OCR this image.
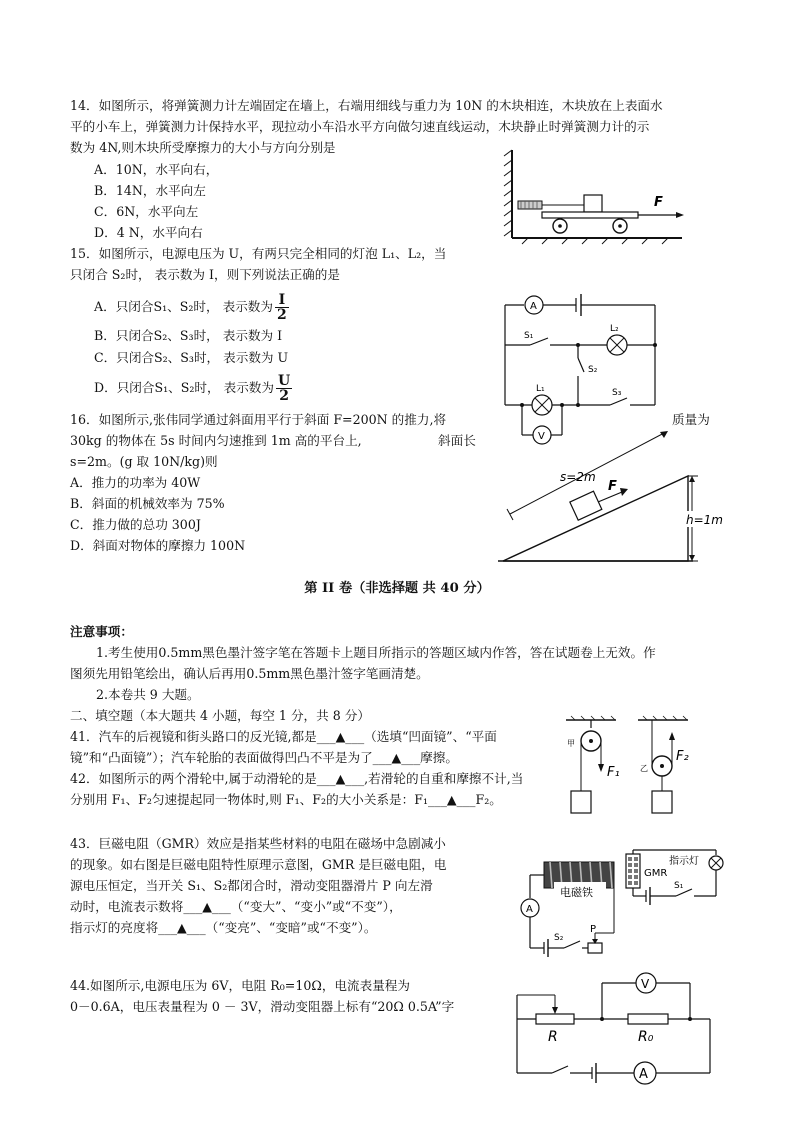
14．如图所示，将弹簧测力计左端固定在墙上，右端用细线与重力为 10N 的木块相连，木块放在上表面水
平的小车上，弹簧测力计保持水平，现拉动小车沿水平方向做匀速直线运动，木块静止时弹簧测力计的示
数为 4N,则木块所受摩擦力的大小与方向分别是
A．10N，水平向右，
B．14N，水平向左
C．6N，水平向左
D．4 N，水平向右
F
15．如图所示，电源电压为 U，有两只完全相同的灯泡 L₁、L₂，当
只闭合 S₂时， 表示数为 I，则下列说法正确的是
A．只闭合S₁、S₂时， 表示数为 $\frac{I}{2}$
B．只闭合S₂、S₃时， 表示数为 I
C．只闭合S₂、S₃时， 表示数为 U
D．只闭合S₁、S₂时， 表示数为 $\frac{U}{2}$
A
S₁
L₂
S₂
L₁	S₃
V
16．如图所示,张伟同学通过斜面用平行于斜面 F=200N 的推力,将	质量为
30kg 的物体在 5s 时间内匀速推到 1m 高的平台上,	斜面长
s=2m。(g 取 10N/kg)则
A．推力的功率为 40W
B．斜面的机械效率为 75%
C．推力做的总功 300J
D．斜面对物体的摩擦力 100N
s=2m
F
h=1m
第 II 卷（非选择题 共 40 分）
注意事项：
1.考生使用0.5mm黑色墨汁签字笔在答题卡上题目所指示的答题区域内作答，答在试题卷上无效。作
图须先用铅笔绘出，确认后再用0.5mm黑色墨汁签字笔画清楚。
2.本卷共 9 大题。
二、填空题（本大题共 4 小题，每空 1 分，共 8 分）
41．汽车的后视镜和街头路口的反光镜,都是___▲___（选填“凹面镜”、“平面
镜”和“凸面镜”）；汽车轮胎的表面做得凹凸不平是为了___▲___摩擦。
42．如图所示的两个滑轮中,属于动滑轮的是___▲___,若滑轮的自重和摩擦不计,当
分别用 F₁、F₂匀速提起同一物体时,则 F₁、F₂的大小关系是：F₁___▲___F₂。
甲
F₁	乙
F₂
43．巨磁电阻（GMR）效应是指某些材料的电阻在磁场中急剧减小
的现象。如右图是巨磁电阻特性原理示意图，GMR 是巨磁电阻，电
源电压恒定，当开关 S₁、S₂都闭合时，滑动变阻器滑片 P 向左滑
动时，电流表示数将___▲___（“变大”、“变小”或“不变”），
指示灯的亮度将___▲___（“变亮”、“变暗”或“不变”）。
电磁铁
A
S₂
P
GMR
指示灯
S₁
44.如图所示,电源电压为 6V，电阻 R₀=10Ω，电流表量程为
0－0.6A，电压表量程为 0 － 3V，滑动变阻器上标有“20Ω 0.5A”字
V
R	R₀
A
